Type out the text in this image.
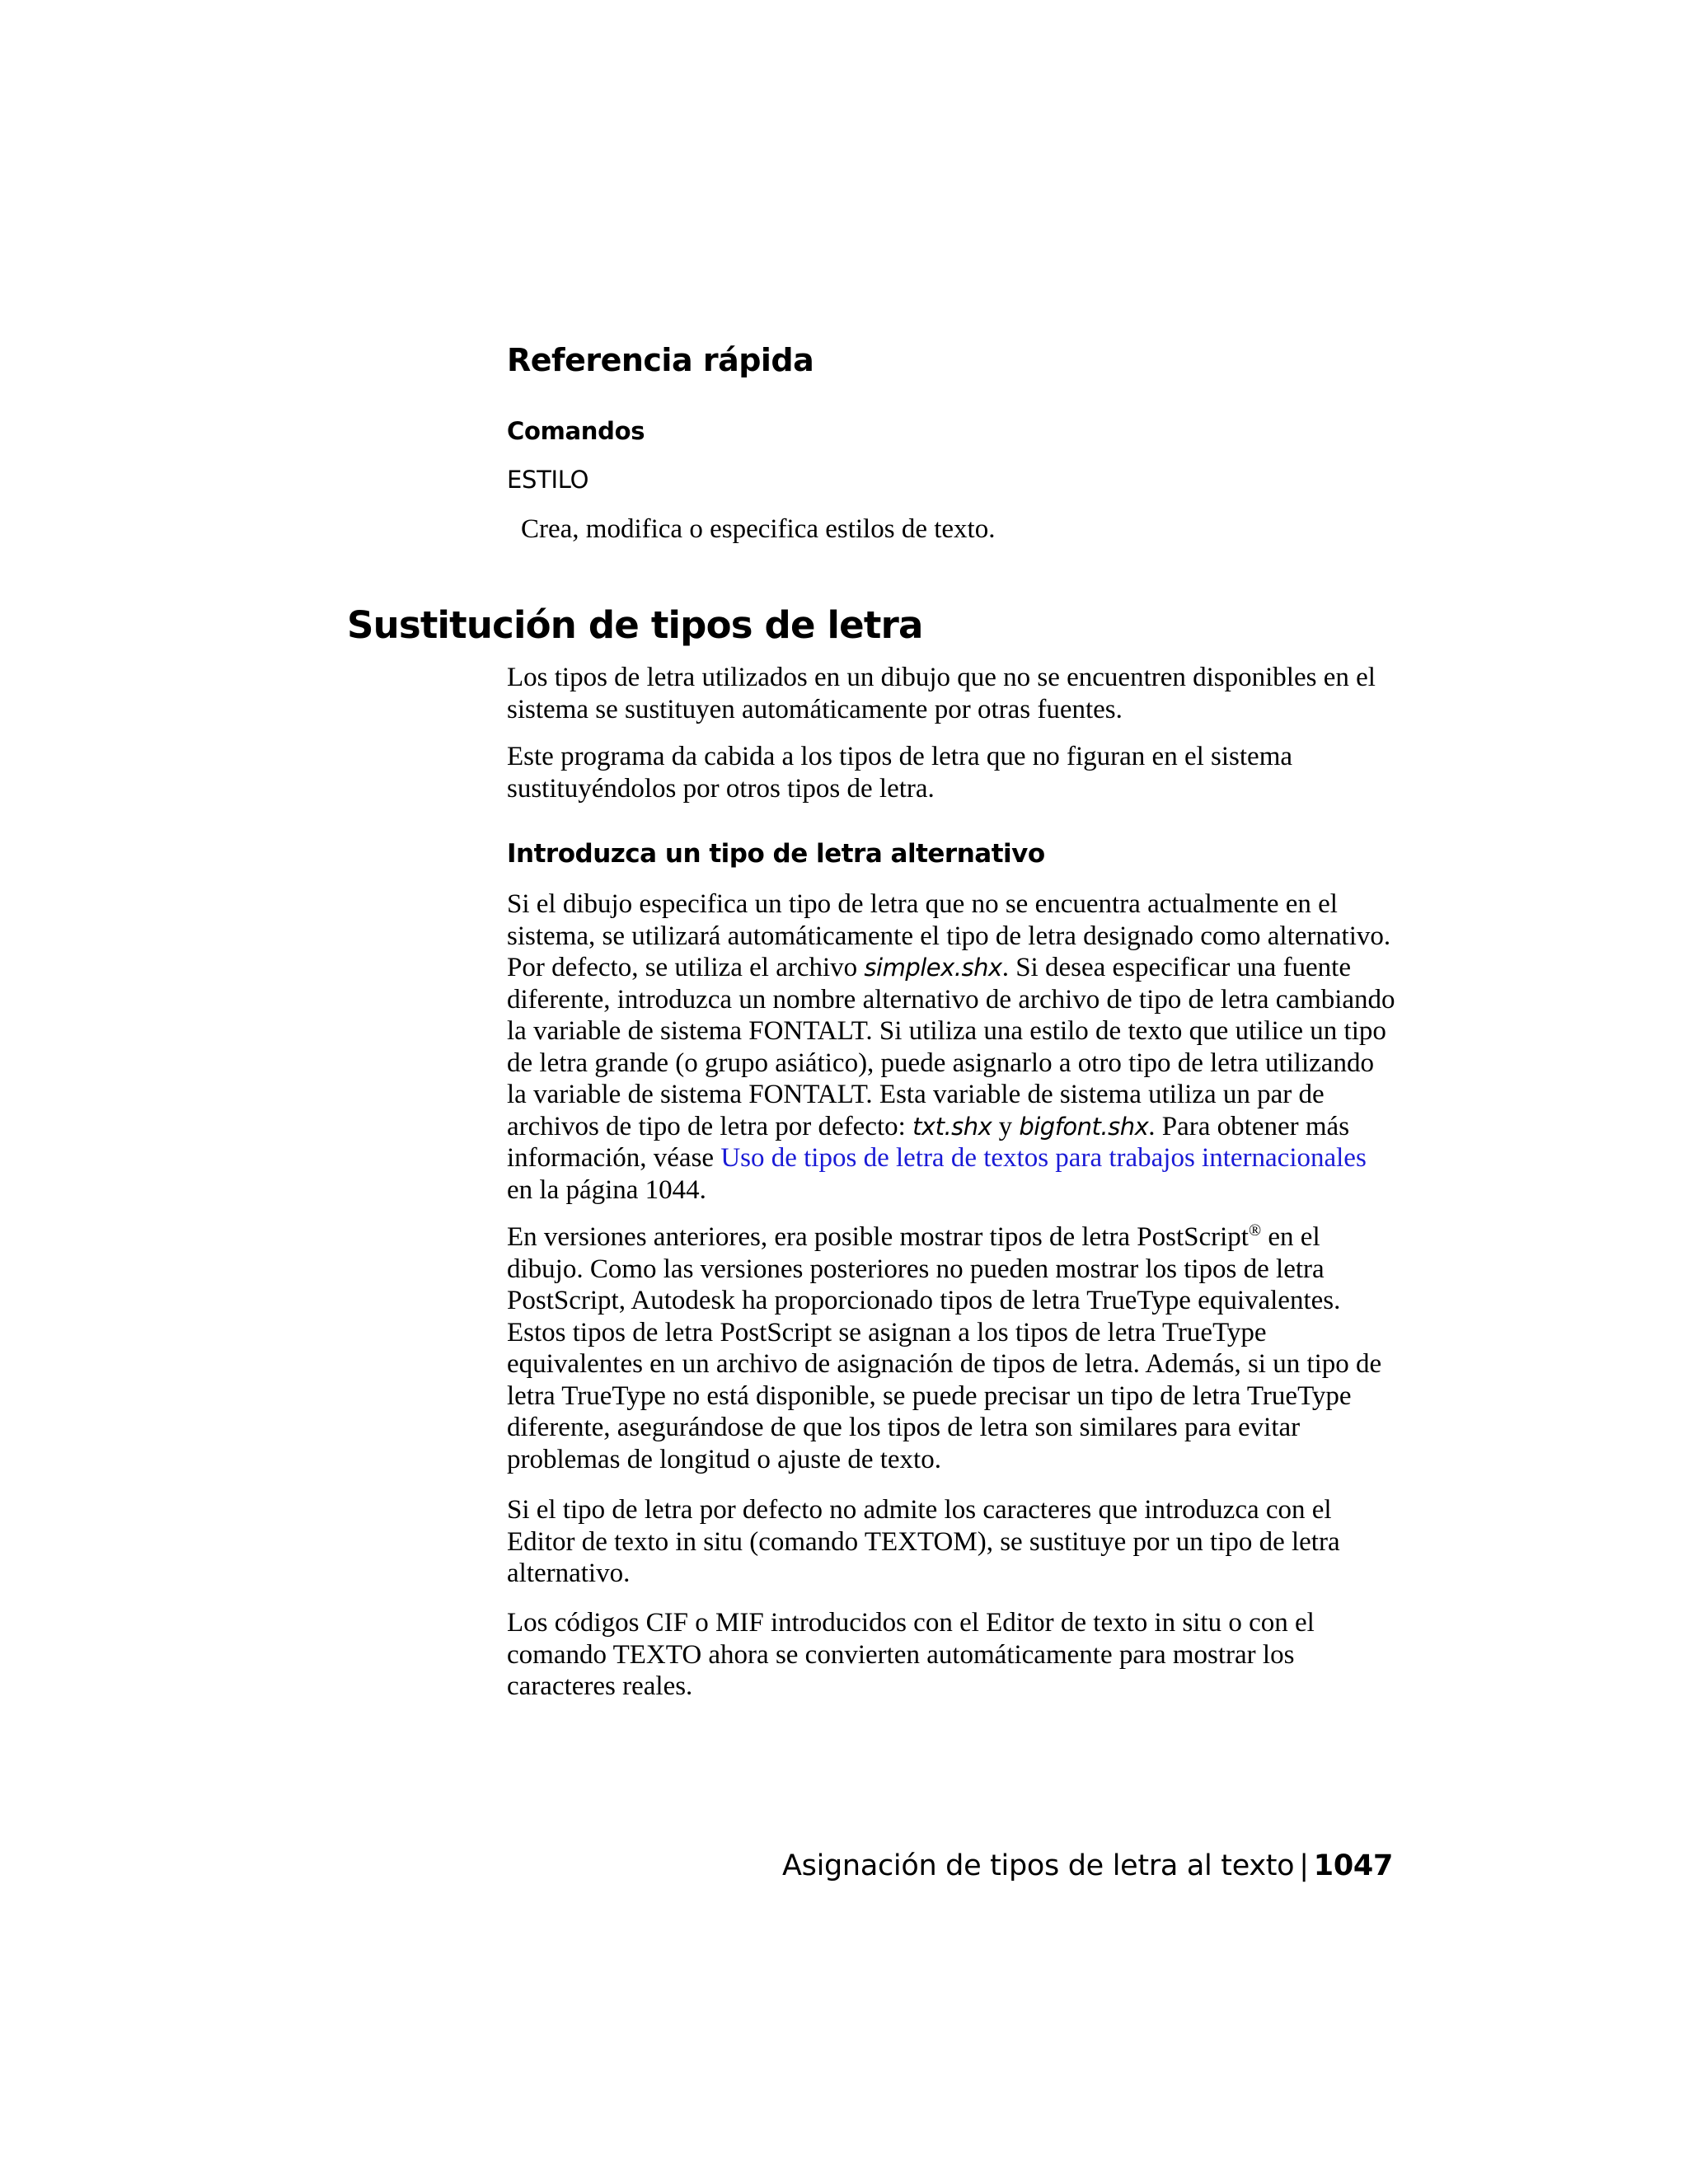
Referencia rápida
Comandos
ESTILO
Crea, modifica o especifica estilos de texto.
Sustitución de tipos de letra

Los tipos de letra utilizados en un dibujo que no se encuentren disponibles en el sistema se sustituyen automáticamente por otras fuentes.

Este programa da cabida a los tipos de letra que no figuran en el sistema sustituyéndolos por otros tipos de letra.

Introduzca un tipo de letra alternativo

Si el dibujo especifica un tipo de letra que no se encuentra actualmente en el sistema, se utilizará automáticamente el tipo de letra designado como alternativo. Por defecto, se utiliza el archivo simplex.shx. Si desea especificar una fuente diferente, introduzca un nombre alternativo de archivo de tipo de letra cambiando la variable de sistema FONTALT. Si utiliza una estilo de texto que utilice un tipo de letra grande (o grupo asiático), puede asignarlo a otro tipo de letra utilizando la variable de sistema FONTALT. Esta variable de sistema utiliza un par de archivos de tipo de letra por defecto: txt.shx y bigfont.shx. Para obtener más información, véase Uso de tipos de letra de textos para trabajos internacionales en la página 1044.

En versiones anteriores, era posible mostrar tipos de letra PostScript® en el dibujo. Como las versiones posteriores no pueden mostrar los tipos de letra PostScript, Autodesk ha proporcionado tipos de letra TrueType equivalentes. Estos tipos de letra PostScript se asignan a los tipos de letra TrueType equivalentes en un archivo de asignación de tipos de letra. Además, si un tipo de letra TrueType no está disponible, se puede precisar un tipo de letra TrueType diferente, asegurándose de que los tipos de letra son similares para evitar problemas de longitud o ajuste de texto.

Si el tipo de letra por defecto no admite los caracteres que introduzca con el Editor de texto in situ (comando TEXTOM), se sustituye por un tipo de letra alternativo.

Los códigos CIF o MIF introducidos con el Editor de texto in situ o con el comando TEXTO ahora se convierten automáticamente para mostrar los caracteres reales.

Asignación de tipos de letra al texto | 1047
